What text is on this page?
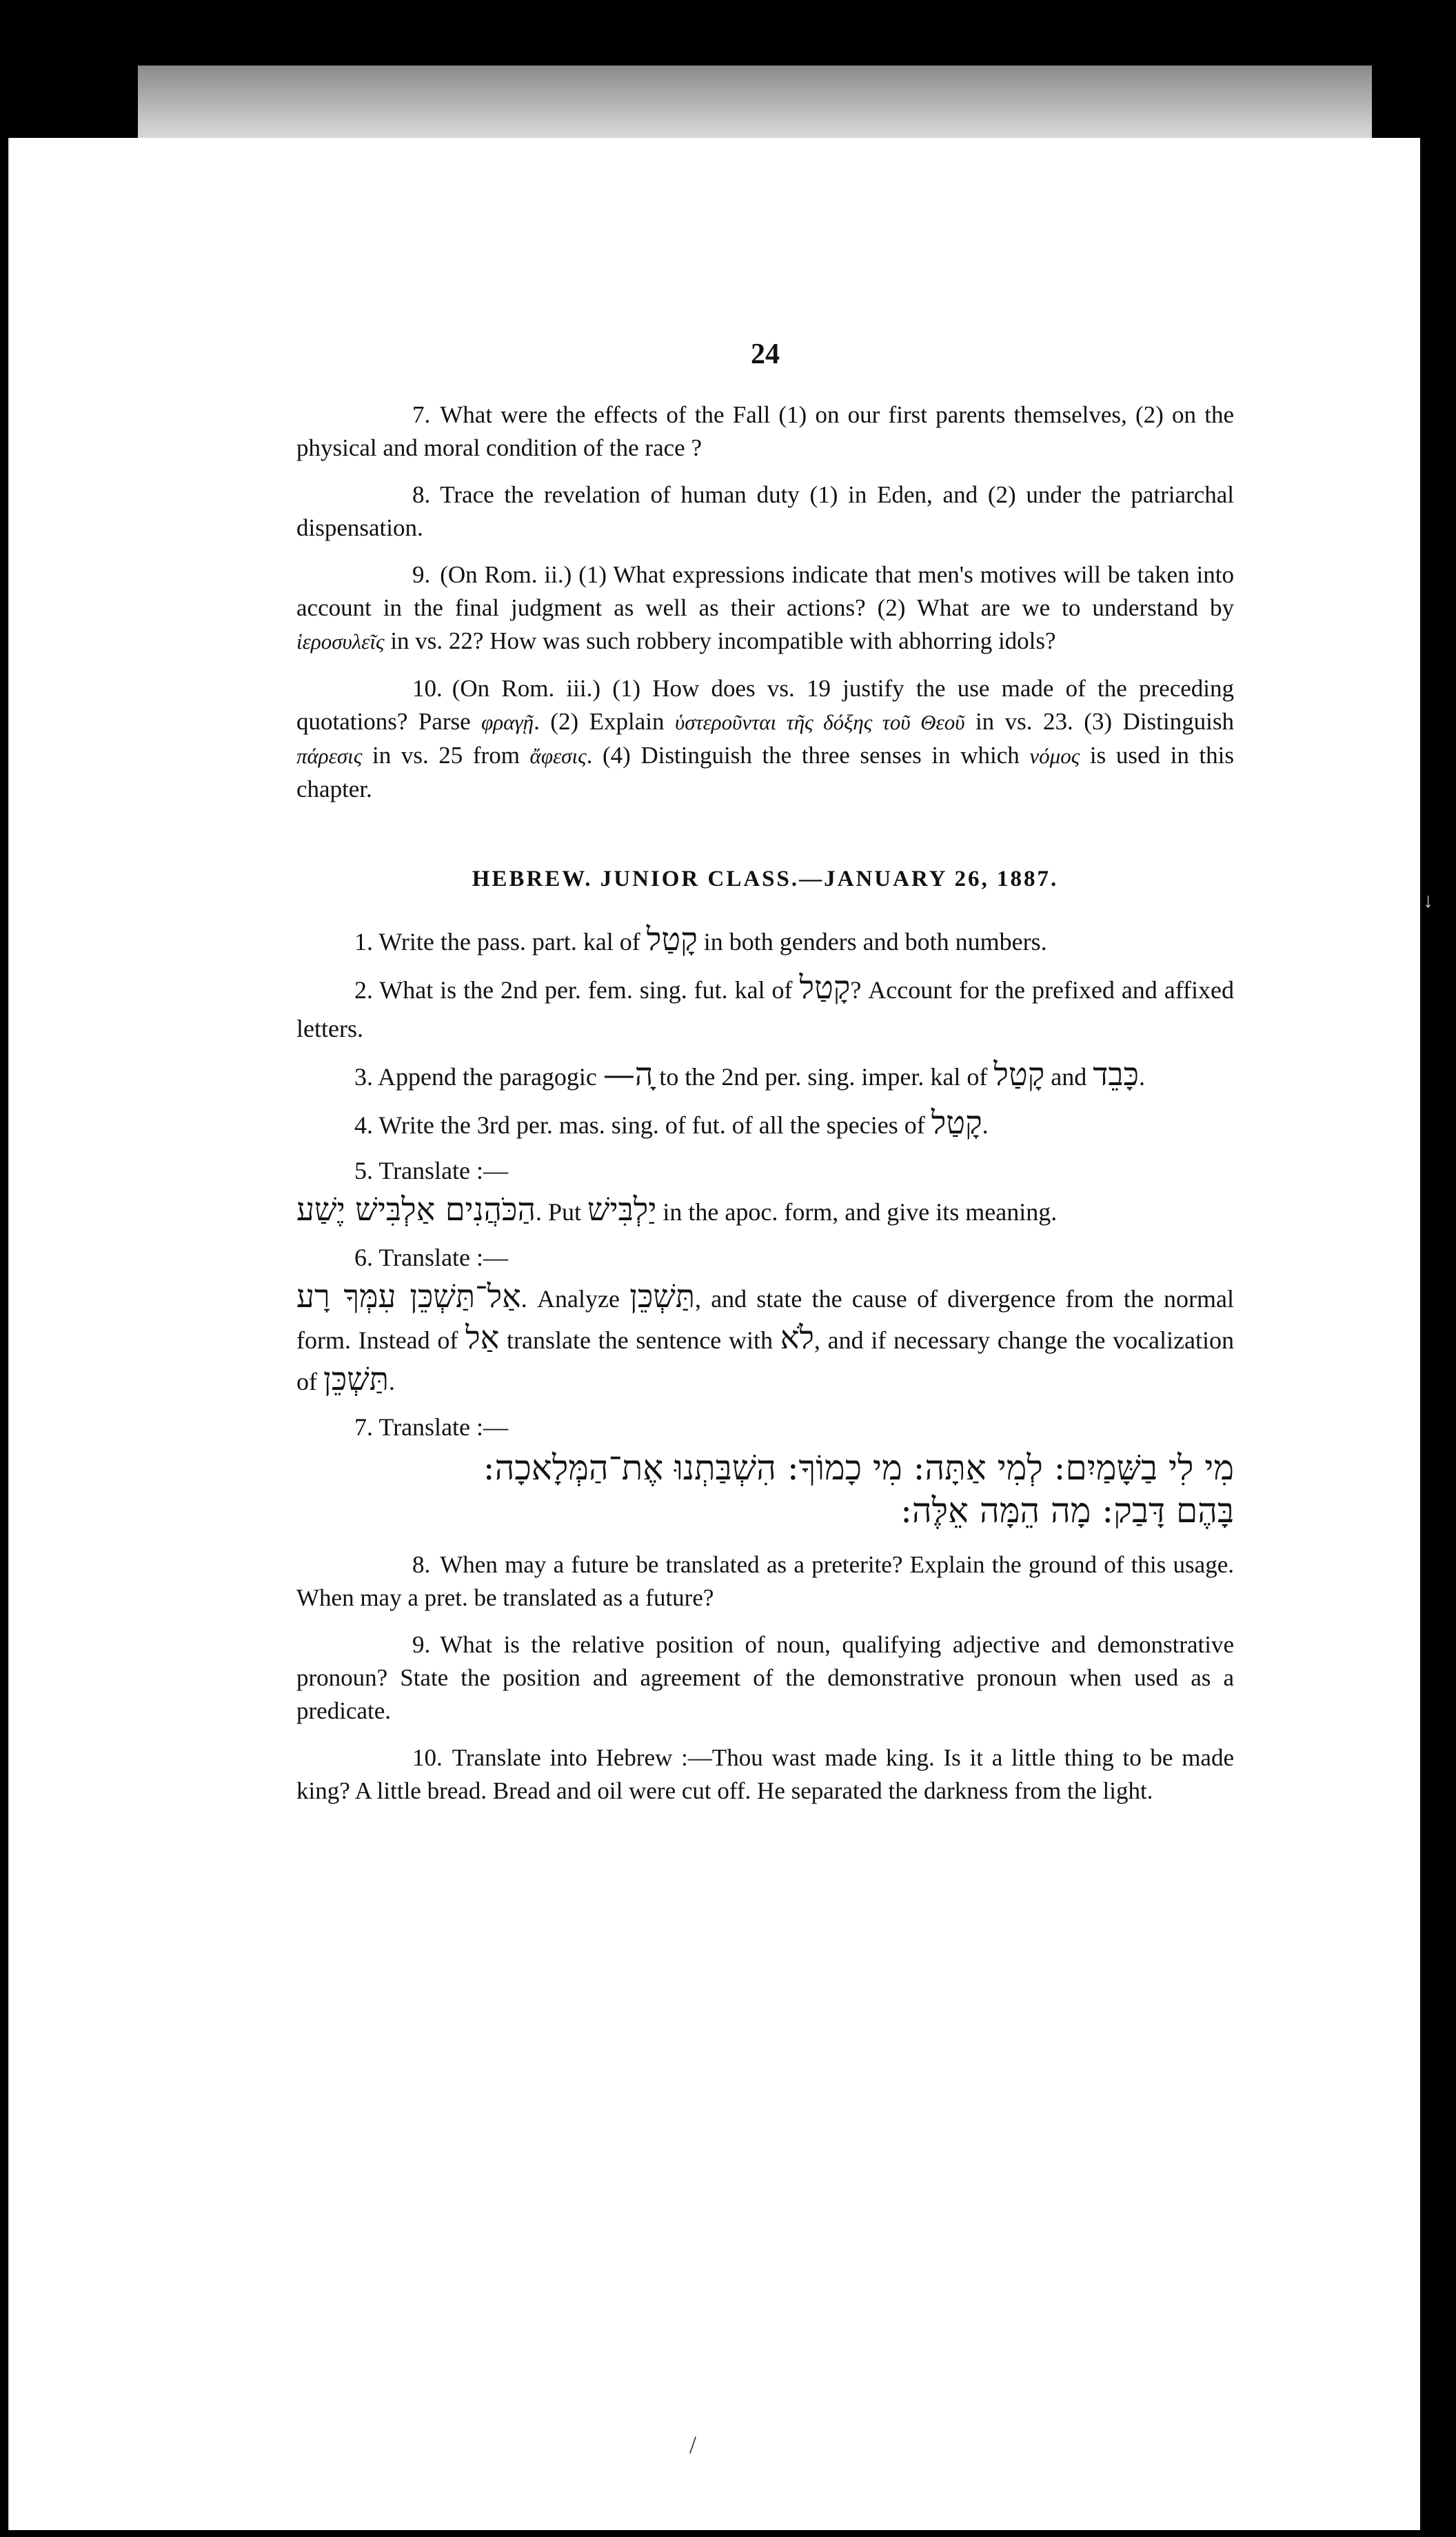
↓
24

7. What were the effects of the Fall (1) on our first parents themselves, (2) on the physical and moral condition of the race ?

8. Trace the revelation of human duty (1) in Eden, and (2) under the patriarchal dispensation.

9. (On Rom. ii.) (1) What expressions indicate that men's motives will be taken into account in the final judgment as well as their actions? (2) What are we to understand by ἱεροσυλεῖς in vs. 22? How was such robbery incompatible with abhorring idols?

10. (On Rom. iii.) (1) How does vs. 19 justify the use made of the preceding quotations? Parse φραγῇ. (2) Explain ὑστεροῦνται τῆς δόξης τοῦ Θεοῦ in vs. 23. (3) Distinguish πάρεσις in vs. 25 from ἄφεσις. (4) Distinguish the three senses in which νόμος is used in this chapter.

HEBREW. JUNIOR CLASS.—JANUARY 26, 1887.

1. Write the pass. part. kal of קָטַל in both genders and both numbers.

2. What is the 2nd per. fem. sing. fut. kal of קָטַל? Account for the prefixed and affixed letters.

3. Append the paragogic ָה— to the 2nd per. sing. imper. kal of קָטַל and כָּבֵד.

4. Write the 3rd per. mas. sing. of fut. of all the species of קָטַל.

5. Translate :—
הַכֹּהֲנִים אַלְבִּישׁ יֶשַׁע. Put יַלְבִּישׁ in the apoc. form, and give its meaning.

6. Translate :—
אַל־תַּשְׁכֵּן עִמְּךָ רָע. Analyze תַּשְׁכֵּן, and state the cause of divergence from the normal form. Instead of אַל translate the sentence with לֹא, and if necessary change the vocalization of תַּשְׁכֵּן.

7. Translate :—

מִי לִי בַשָּׁמַיִם: לְמִי אַתָּה: מִי כָמוֹךָ: הִשְׁבַּתְנוּ אֶת־הַמְּלָאכָה:

בָּהֶם דָּבַק: מָה הֵמָּה אֵלֶּה:

8. When may a future be translated as a preterite? Explain the ground of this usage. When may a pret. be translated as a future?

9. What is the relative position of noun, qualifying adjective and demonstrative pronoun? State the position and agreement of the demonstrative pronoun when used as a predicate.

10. Translate into Hebrew :—Thou wast made king. Is it a little thing to be made king? A little bread. Bread and oil were cut off. He separated the darkness from the light.

/
